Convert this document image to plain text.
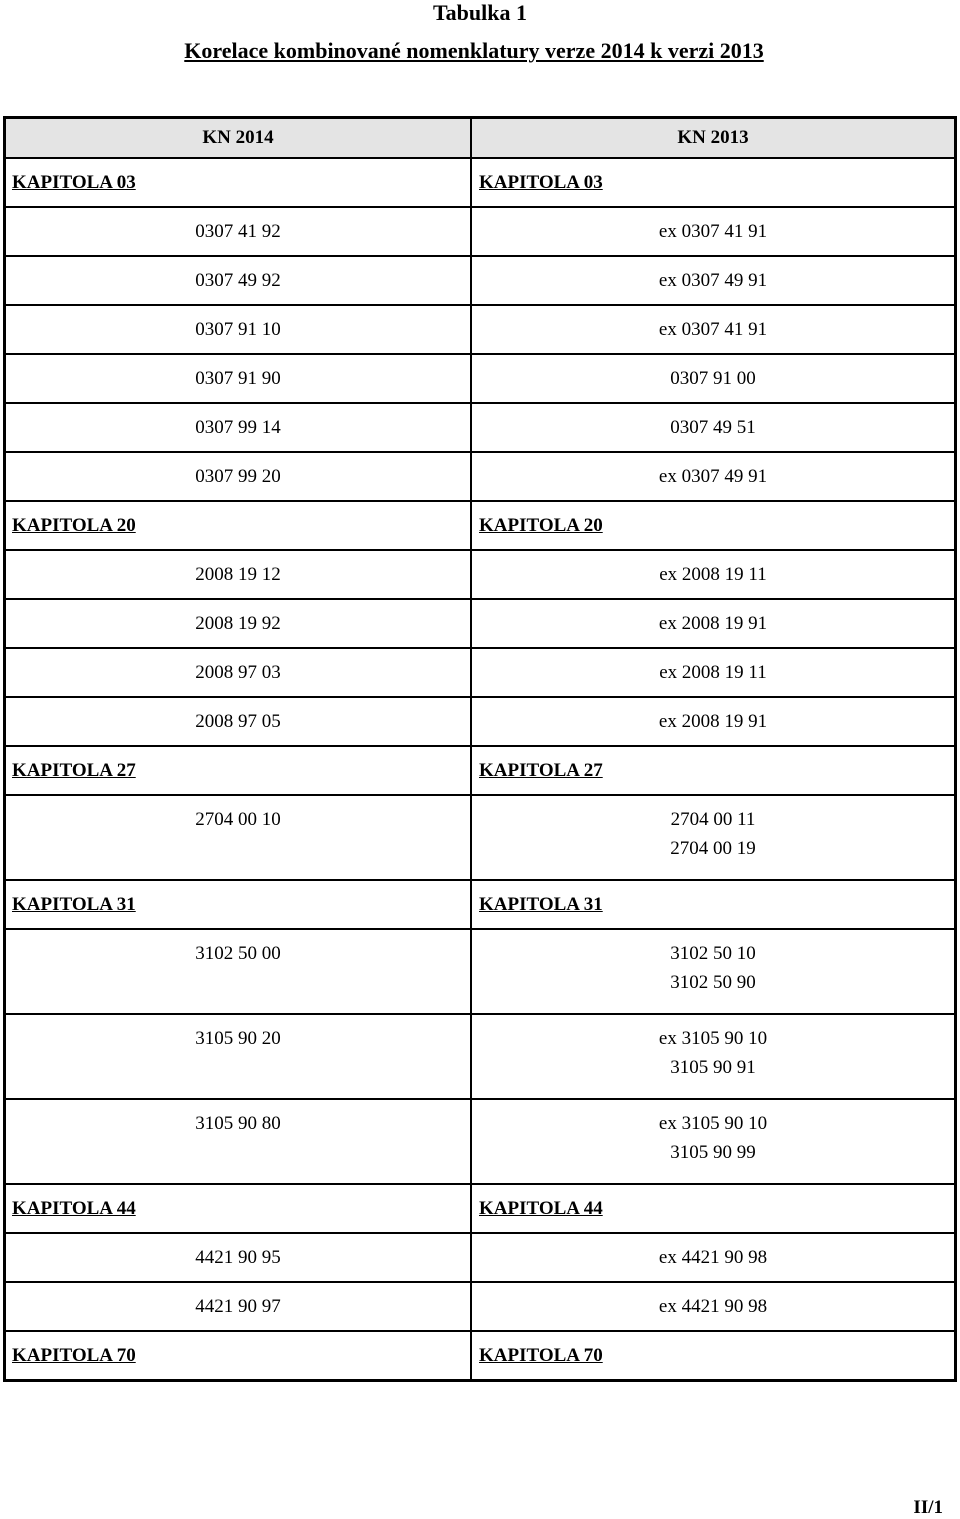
Tabulka 1
Korelace kombinované nomenklatury verze 2014 k verzi 2013
KN 2014	KN 2013
KAPITOLA 03	KAPITOLA 03
0307 41 92	ex 0307 41 91
0307 49 92	ex 0307 49 91
0307 91 10	ex 0307 41 91
0307 91 90	0307 91 00
0307 99 14	0307 49 51
0307 99 20	ex 0307 49 91
KAPITOLA 20	KAPITOLA 20
2008 19 12	ex 2008 19 11
2008 19 92	ex 2008 19 91
2008 97 03	ex 2008 19 11
2008 97 05	ex 2008 19 91
KAPITOLA 27	KAPITOLA 27
2704 00 10	2704 00 11
2704 00 19
KAPITOLA 31	KAPITOLA 31
3102 50 00	3102 50 10
3102 50 90
3105 90 20	ex 3105 90 10
3105 90 91
3105 90 80	ex 3105 90 10
3105 90 99
KAPITOLA 44	KAPITOLA 44
4421 90 95	ex 4421 90 98
4421 90 97	ex 4421 90 98
KAPITOLA 70	KAPITOLA 70
II/1
